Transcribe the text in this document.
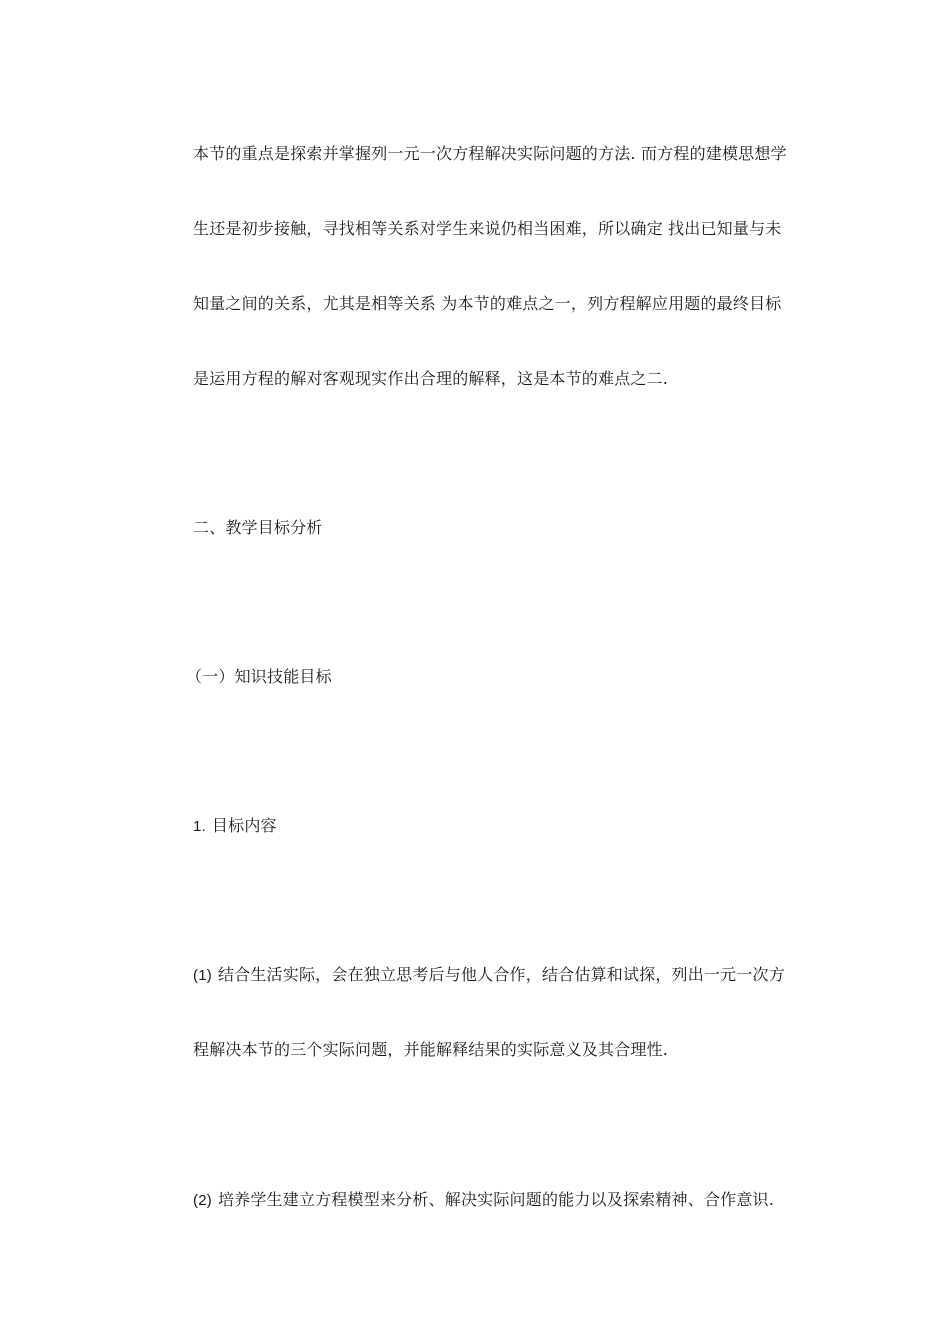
本节的重点是探索并掌握列一元一次方程解决实际问题的方法. 而方程的建模思想学
生还是初步接触，寻找相等关系对学生来说仍相当困难，所以确定 找出已知量与未
知量之间的关系，尤其是相等关系 为本节的难点之一，列方程解应用题的最终目标
是运用方程的解对客观现实作出合理的解释，这是本节的难点之二.
二、教学目标分析
（一）知识技能目标
1. 目标内容
(1) 结合生活实际，会在独立思考后与他人合作，结合估算和试探，列出一元一次方
程解决本节的三个实际问题，并能解释结果的实际意义及其合理性.
(2) 培养学生建立方程模型来分析、解决实际问题的能力以及探索精神、合作意识.
